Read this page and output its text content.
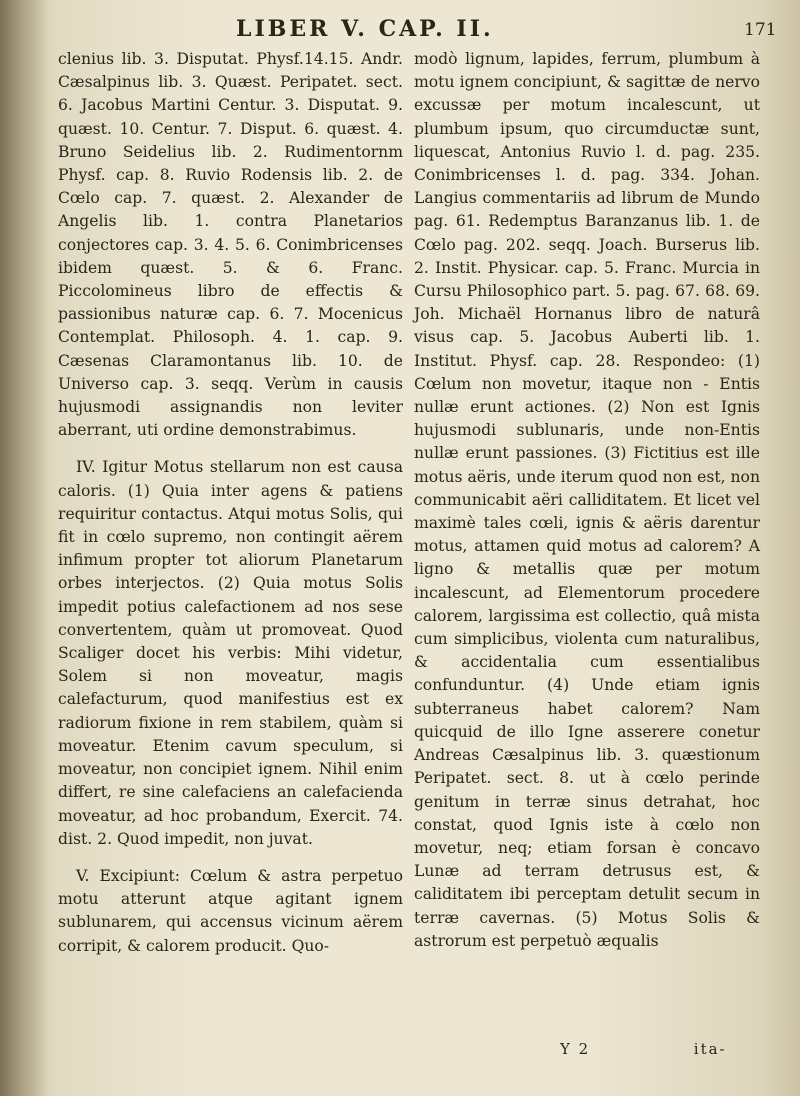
LIBER V. CAP. II.	171

clenius lib. 3. Disputat. Physf.14.15. Andr. Cæsalpinus lib. 3. Quæst. Peripatet. sect. 6. Jacobus Martini Centur. 3. Disputat. 9. quæst. 10. Centur. 7. Disput. 6. quæst. 4. Bruno Seidelius lib. 2. Rudimentornm Physf. cap. 8. Ruvio Rodensis lib. 2. de Cœlo cap. 7. quæst. 2. Alexander de Angelis lib. 1. contra Planetarios conjectores cap. 3. 4. 5. 6. Conimbricenses ibidem quæst. 5. & 6. Franc. Piccolomineus libro de effectis & passionibus naturæ cap. 6. 7. Mocenicus Contemplat. Philosoph. 4. 1. cap. 9. Cæsenas Claramontanus lib. 10. de Universo cap. 3. seqq. Verùm in causis hujusmodi assignandis non leviter aberrant, uti ordine demonstrabimus.

IV. Igitur Motus stellarum non est causa caloris. (1) Quia inter agens & patiens requiritur contactus. Atqui motus Solis, qui fit in cœlo supremo, non contingit aërem infimum propter tot aliorum Planetarum orbes interjectos. (2) Quia motus Solis impedit potius calefactionem ad nos sese convertentem, quàm ut promoveat. Quod Scaliger docet his verbis: Mihi videtur, Solem si non moveatur, magis calefacturum, quod manifestius est ex radiorum fixione in rem stabilem, quàm si moveatur. Etenim cavum speculum, si moveatur, non concipiet ignem. Nihil enim differt, re sine calefaciens an calefacienda moveatur, ad hoc probandum, Exercit. 74. dist. 2. Quod impedit, non juvat.

V. Excipiunt: Cœlum & astra perpetuo motu atterunt atque agitant ignem sublunarem, qui accensus vicinum aërem corripit, & calorem producit. Quo-

modò lignum, lapides, ferrum, plumbum à motu ignem concipiunt, & sagittæ de nervo excussæ per motum incalescunt, ut plumbum ipsum, quo circumductæ sunt, liquescat, Antonius Ruvio l. d. pag. 235. Conimbricenses l. d. pag. 334. Johan. Langius commentariis ad librum de Mundo pag. 61. Redemptus Baranzanus lib. 1. de Cœlo pag. 202. seqq. Joach. Burserus lib. 2. Instit. Physicar. cap. 5. Franc. Murcia in Cursu Philosophico part. 5. pag. 67. 68. 69. Joh. Michaël Hornanus libro de naturâ visus cap. 5. Jacobus Auberti lib. 1. Institut. Physf. cap. 28. Respondeo: (1) Cœlum non movetur, itaque non - Entis nullæ erunt actiones. (2) Non est Ignis hujusmodi sublunaris, unde non-Entis nullæ erunt passiones. (3) Fictitius est ille motus aëris, unde iterum quod non est, non communicabit aëri calliditatem. Et licet vel maximè tales cœli, ignis & aëris darentur motus, attamen quid motus ad calorem? A ligno & metallis quæ per motum incalescunt, ad Elementorum procedere calorem, largissima est collectio, quâ mista cum simplicibus, violenta cum naturalibus, & accidentalia cum essentialibus confunduntur. (4) Unde etiam ignis subterraneus habet calorem? Nam quicquid de illo Igne asserere conetur Andreas Cæsalpinus lib. 3. quæstionum Peripatet. sect. 8. ut à cœlo perinde genitum in terræ sinus detrahat, hoc constat, quod Ignis iste à cœlo non movetur, neq; etiam forsan è concavo Lunæ ad terram detrusus est, & caliditatem ibi perceptam detulit secum in terræ cavernas. (5) Motus Solis & astrorum est perpetuò æqualis

Y 2	ita-
